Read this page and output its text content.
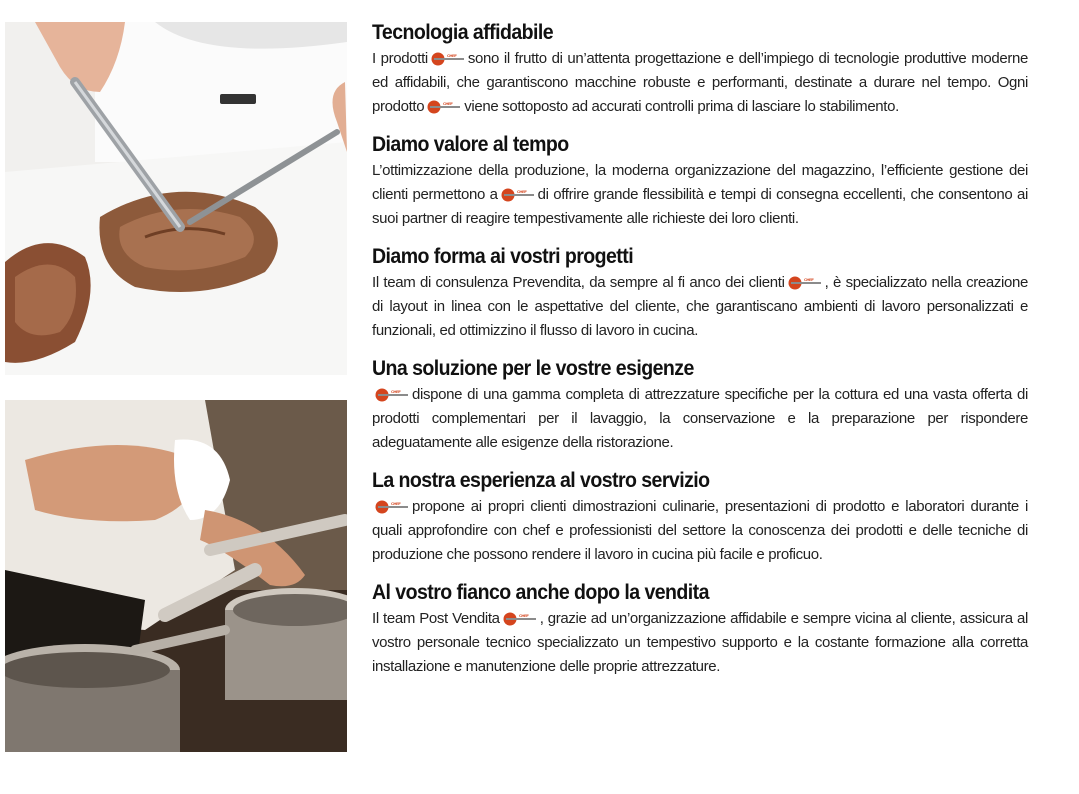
Tecnologia affidabile

I prodotti	CHEF sono il frutto di un’attenta progettazione e dell’impiego di tecnologie produttive moderne ed affidabili, che garantiscono macchine robuste e performanti, destinate a durare nel tempo. Ogni prodotto	CHEF viene sottoposto ad accurati controlli prima di lasciare lo stabilimento.

Diamo valore al tempo

L’ottimizzazione della produzione, la moderna organizzazione del magazzino, l’efficiente gestione dei clienti permettono a	CHEF di offrire grande flessibilità e tempi di consegna eccellenti, che consentono ai suoi partner di reagire tempestivamente alle richieste dei loro clienti.

Diamo forma ai vostri progetti

Il team di consulenza Prevendita, da sempre al fi anco dei clienti	CHEF , è specializzato nella creazione di layout in linea con le aspettative del cliente, che garantiscano ambienti di lavoro personalizzati e funzionali, ed ottimizzino il flusso di lavoro in cucina.

Una soluzione per le vostre esigenze

CHEF dispone di una gamma completa di attrezzature specifiche per la cottura ed una vasta offerta di prodotti complementari per il lavaggio, la conservazione e la preparazione per rispondere adeguatamente alle esigenze della ristorazione.

La nostra esperienza al vostro servizio

CHEF propone ai propri clienti dimostrazioni culinarie, presentazioni di prodotto e laboratori durante i quali approfondire con chef e professionisti del settore la conoscenza dei prodotti e delle tecniche di produzione che possono rendere il lavoro in cucina più facile e proficuo.

Al vostro fianco anche dopo la vendita

Il team Post Vendita	CHEF , grazie ad un’organizzazione affidabile e sempre vicina al cliente, assicura al vostro personale tecnico specializzato un tempestivo supporto e la costante formazione alla corretta installazione e manutenzione delle proprie attrezzature.
